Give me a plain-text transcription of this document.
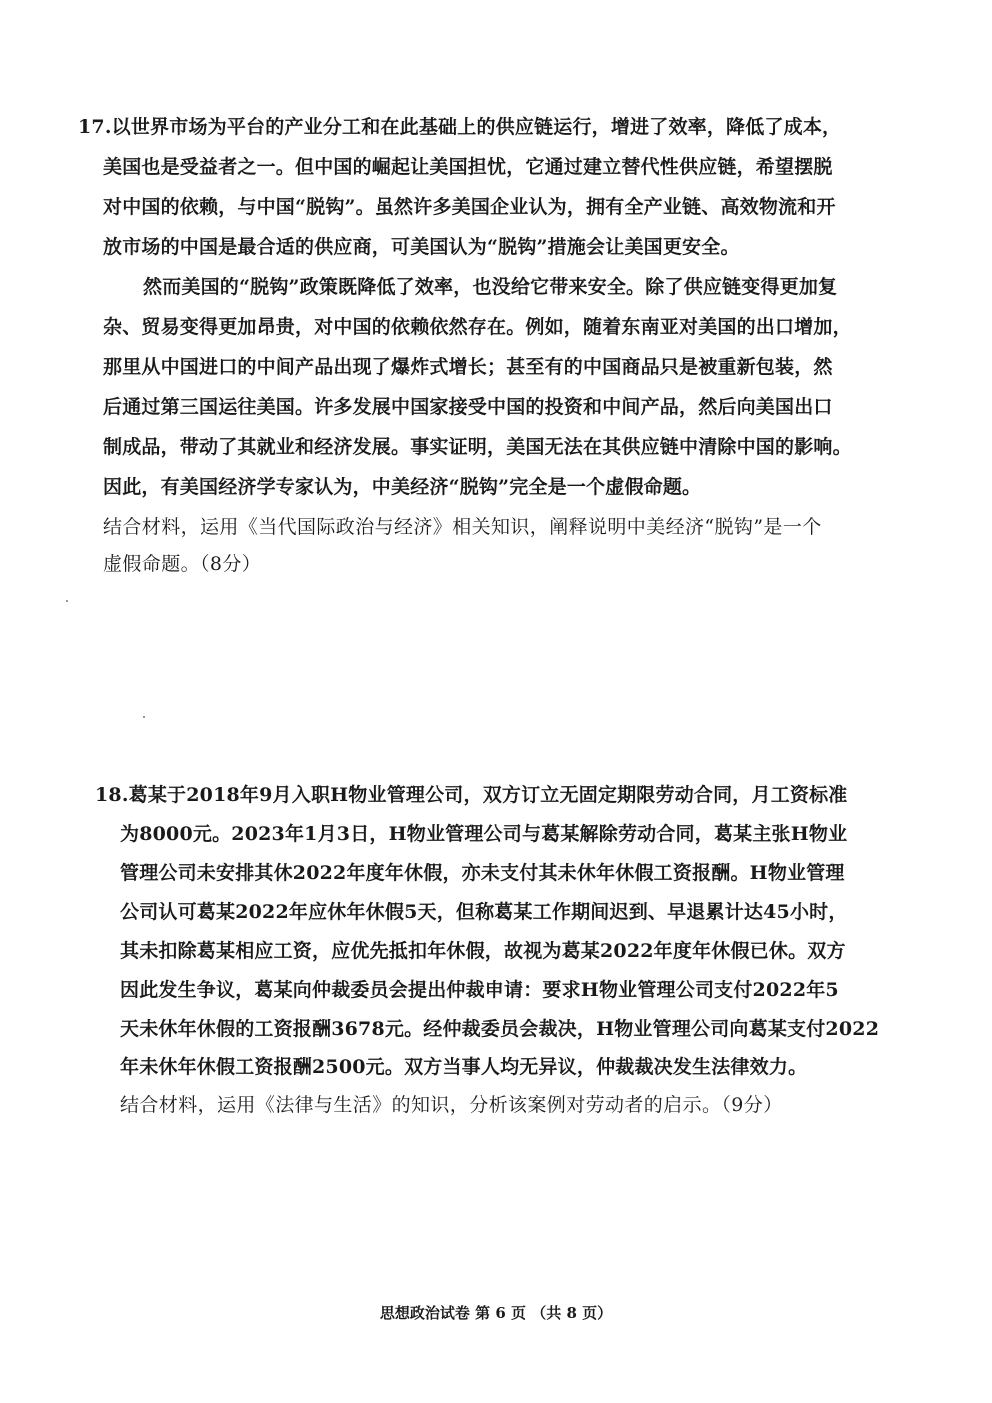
17.以世界市场为平台的产业分工和在此基础上的供应链运行，增进了效率，降低了成本，
美国也是受益者之一。但中国的崛起让美国担忧，它通过建立替代性供应链，希望摆脱
对中国的依赖，与中国“脱钩”。虽然许多美国企业认为，拥有全产业链、高效物流和开
放市场的中国是最合适的供应商，可美国认为“脱钩”措施会让美国更安全。
然而美国的“脱钩”政策既降低了效率，也没给它带来安全。除了供应链变得更加复
杂、贸易变得更加昂贵，对中国的依赖依然存在。例如，随着东南亚对美国的出口增加，
那里从中国进口的中间产品出现了爆炸式增长；甚至有的中国商品只是被重新包装，然
后通过第三国运往美国。许多发展中国家接受中国的投资和中间产品，然后向美国出口
制成品，带动了其就业和经济发展。事实证明，美国无法在其供应链中清除中国的影响。
因此，有美国经济学专家认为，中美经济“脱钩”完全是一个虚假命题。
结合材料，运用《当代国际政治与经济》相关知识，阐释说明中美经济“脱钩”是一个
虚假命题。（8分）
18.葛某于2018年9月入职H物业管理公司，双方订立无固定期限劳动合同，月工资标准
为8000元。2023年1月3日，H物业管理公司与葛某解除劳动合同，葛某主张H物业
管理公司未安排其休2022年度年休假，亦未支付其未休年休假工资报酬。H物业管理
公司认可葛某2022年应休年休假5天，但称葛某工作期间迟到、早退累计达45小时，
其未扣除葛某相应工资，应优先抵扣年休假，故视为葛某2022年度年休假已休。双方
因此发生争议，葛某向仲裁委员会提出仲裁申请：要求H物业管理公司支付2022年5
天未休年休假的工资报酬3678元。经仲裁委员会裁决，H物业管理公司向葛某支付2022
年未休年休假工资报酬2500元。双方当事人均无异议，仲裁裁决发生法律效力。
结合材料，运用《法律与生活》的知识，分析该案例对劳动者的启示。（9分）
思想政治试卷 第 6 页 （共 8 页）
